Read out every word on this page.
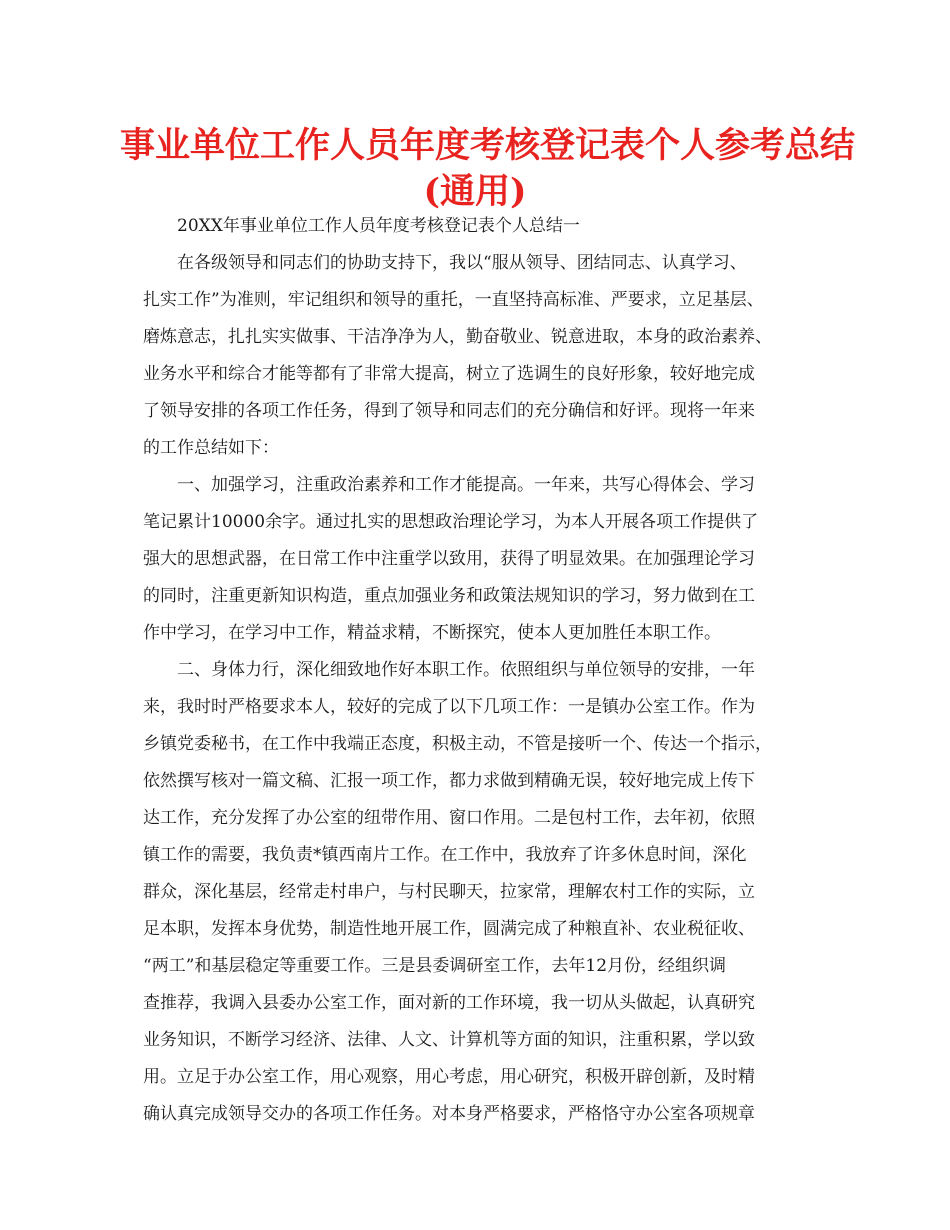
事业单位工作人员年度考核登记表个人参考总结
(通用)

20XX年事业单位工作人员年度考核登记表个人总结一

在各级领导和同志们的协助支持下，我以“服从领导、团结同志、认真学习、

扎实工作”为准则，牢记组织和领导的重托，一直坚持高标准、严要求，立足基层、

磨炼意志，扎扎实实做事、干洁净净为人，勤奋敬业、锐意进取，本身的政治素养、

业务水平和综合才能等都有了非常大提高，树立了选调生的良好形象，较好地完成

了领导安排的各项工作任务，得到了领导和同志们的充分确信和好评。现将一年来

的工作总结如下：

一、加强学习，注重政治素养和工作才能提高。一年来，共写心得体会、学习

笔记累计10000余字。通过扎实的思想政治理论学习，为本人开展各项工作提供了

强大的思想武器，在日常工作中注重学以致用，获得了明显效果。在加强理论学习

的同时，注重更新知识构造，重点加强业务和政策法规知识的学习，努力做到在工

作中学习，在学习中工作，精益求精，不断探究，使本人更加胜任本职工作。

二、身体力行，深化细致地作好本职工作。依照组织与单位领导的安排，一年

来，我时时严格要求本人，较好的完成了以下几项工作：一是镇办公室工作。作为

乡镇党委秘书，在工作中我端正态度，积极主动，不管是接听一个、传达一个指示，

依然撰写核对一篇文稿、汇报一项工作，都力求做到精确无误，较好地完成上传下

达工作，充分发挥了办公室的纽带作用、窗口作用。二是包村工作，去年初，依照

镇工作的需要，我负责*镇西南片工作。在工作中，我放弃了许多休息时间，深化

群众，深化基层，经常走村串户，与村民聊天，拉家常，理解农村工作的实际，立

足本职，发挥本身优势，制造性地开展工作，圆满完成了种粮直补、农业税征收、

“两工”和基层稳定等重要工作。三是县委调研室工作，去年12月份，经组织调

查推荐，我调入县委办公室工作，面对新的工作环境，我一切从头做起，认真研究

业务知识，不断学习经济、法律、人文、计算机等方面的知识，注重积累，学以致

用。立足于办公室工作，用心观察，用心考虑，用心研究，积极开辟创新，及时精

确认真完成领导交办的各项工作任务。对本身严格要求，严格恪守办公室各项规章
